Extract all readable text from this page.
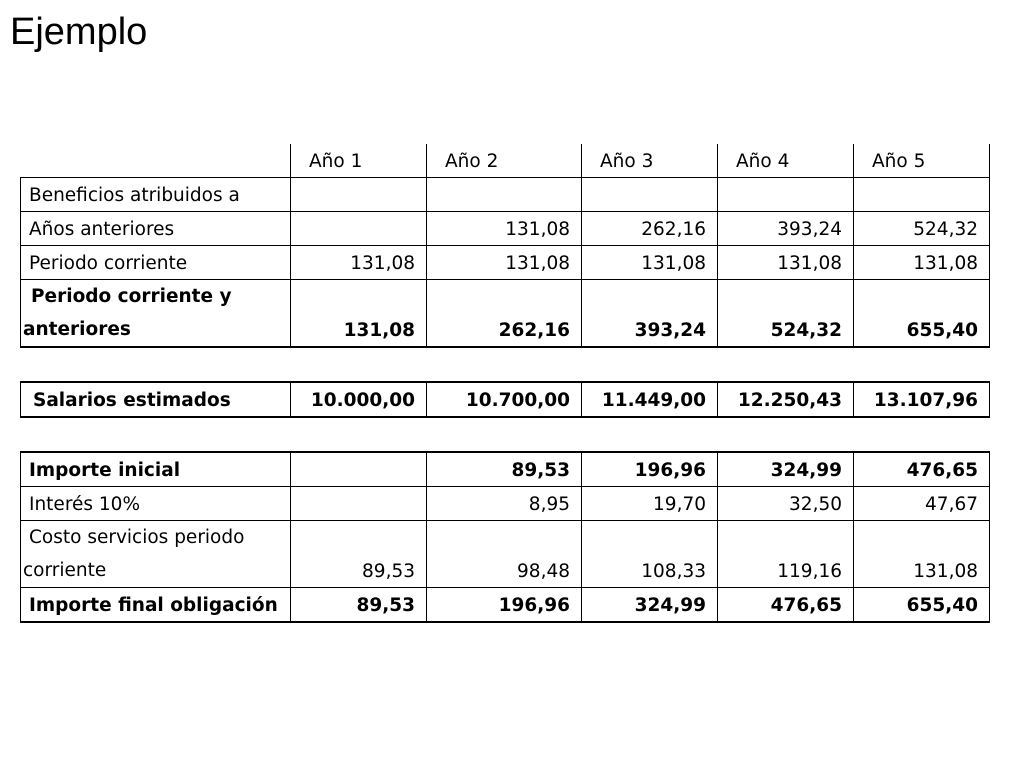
Ejemplo
	Año 1	Año 2	Año 3	Año 4	Año 5
Beneficios atribuidos a					
Años anteriores		131,08	262,16	393,24	524,32
Periodo corriente	131,08	131,08	131,08	131,08	131,08
Periodo corriente y
anteriores	131,08	262,16	393,24	524,32	655,40

Salarios estimados	10.000,00	10.700,00	11.449,00	12.250,43	13.107,96

Importe inicial		89,53	196,96	324,99	476,65
Interés 10%		8,95	19,70	32,50	47,67
Costo servicios periodo
corriente	89,53	98,48	108,33	119,16	131,08
Importe final obligación	89,53	196,96	324,99	476,65	655,40
